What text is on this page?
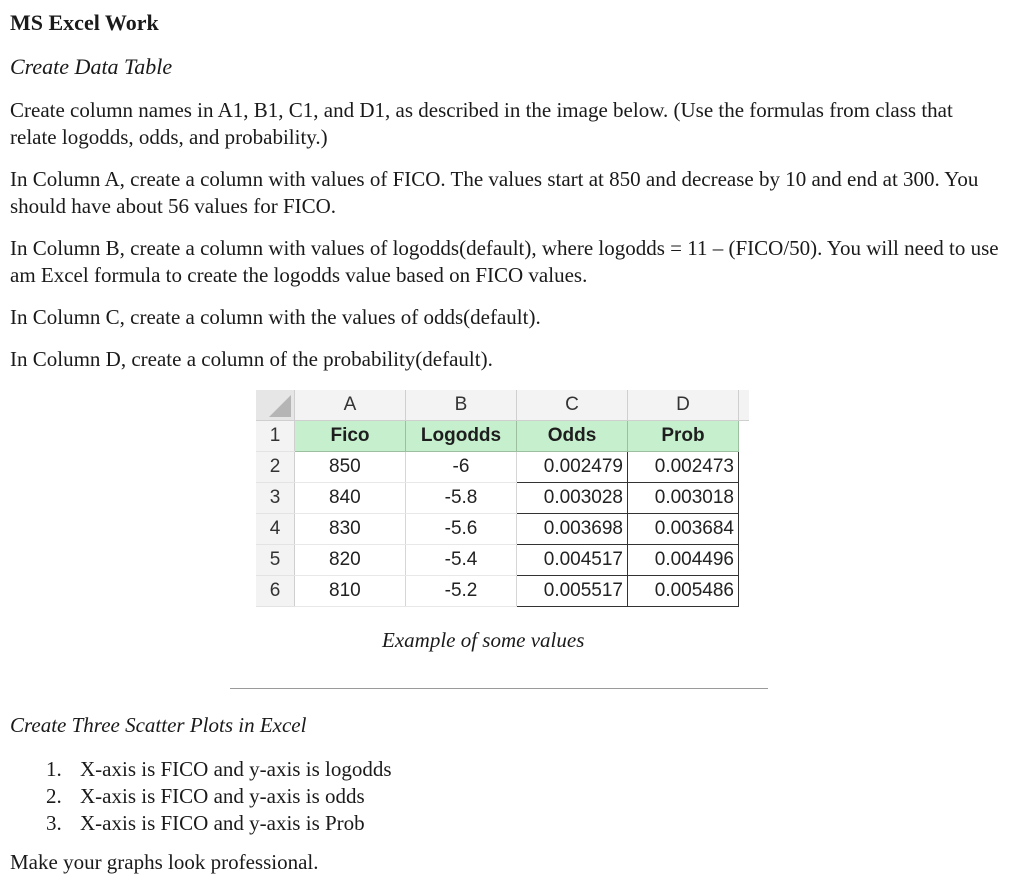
MS Excel Work
Create Data Table
Create column names in A1, B1, C1, and D1, as described in the image below. (Use the formulas from class that relate logodds, odds, and probability.)
In Column A, create a column with values of FICO. The values start at 850 and decrease by 10 and end at 300. You should have about 56 values for FICO.
In Column B, create a column with values of logodds(default), where logodds = 11 – (FICO/50). You will need to use am Excel formula to create the logodds value based on FICO values.
In Column C, create a column with the values of odds(default).
In Column D, create a column of the probability(default).
	A	B	C	D	
1	Fico	Logodds	Odds	Prob	
2	850	-6	0.002479	0.002473	
3	840	-5.8	0.003028	0.003018	
4	830	-5.6	0.003698	0.003684	
5	820	-5.4	0.004517	0.004496	
6	810	-5.2	0.005517	0.005486	
Example of some values
Create Three Scatter Plots in Excel
1. X-axis is FICO and y-axis is logodds
2. X-axis is FICO and y-axis is odds
3. X-axis is FICO and y-axis is Prob
Make your graphs look professional.
